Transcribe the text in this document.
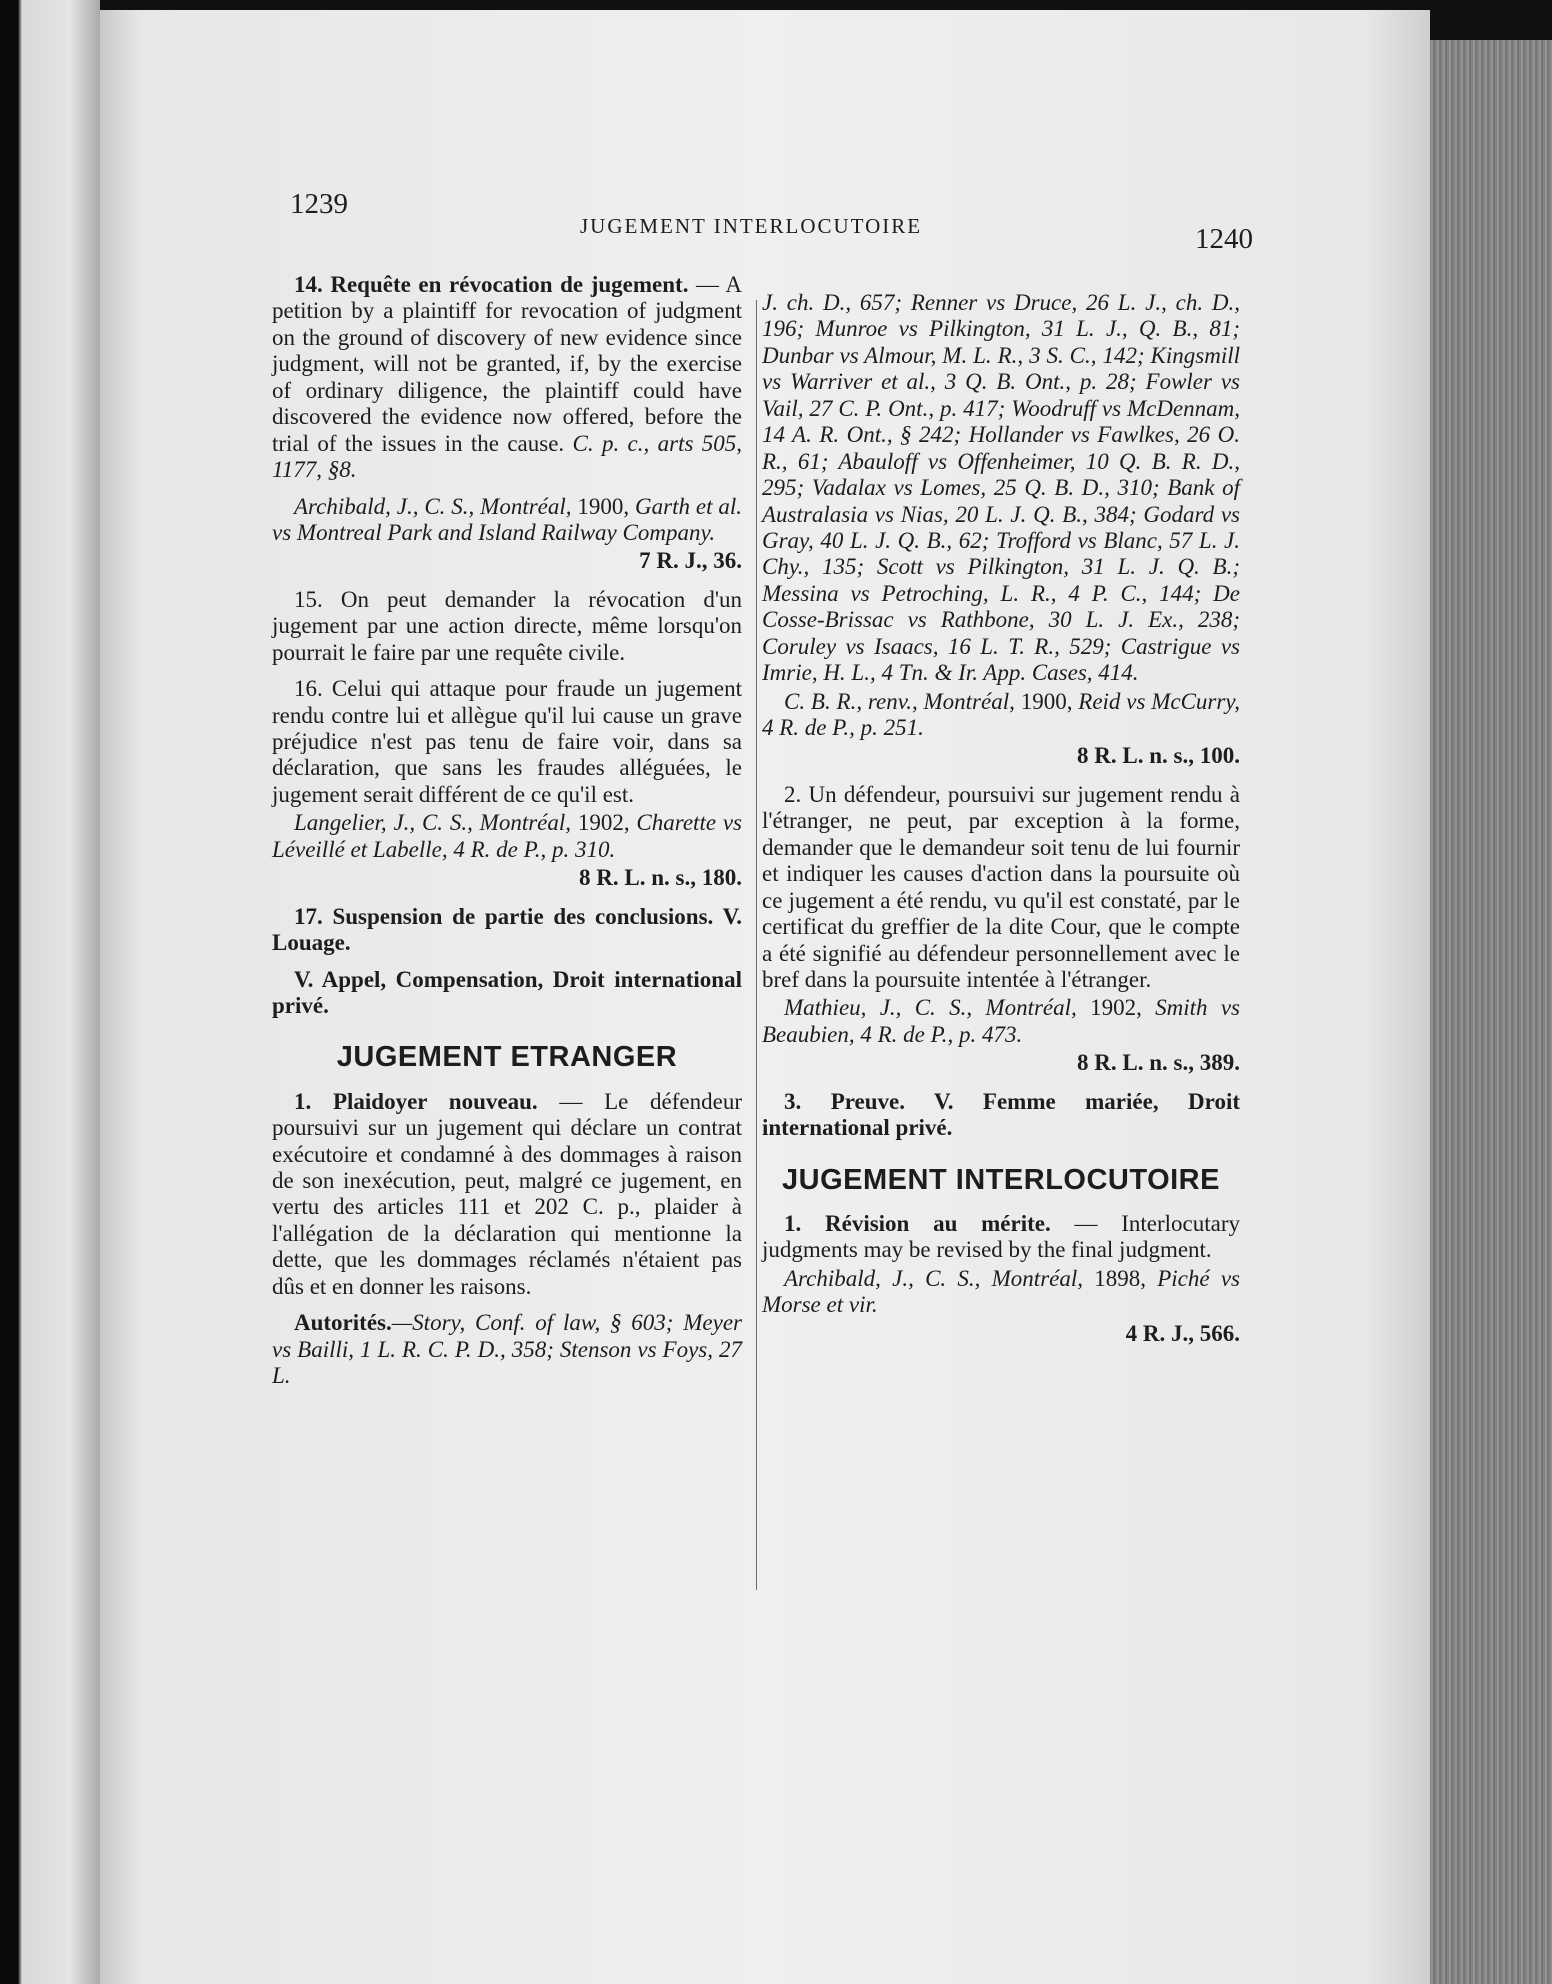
1239
JUGEMENT INTERLOCUTOIRE	1240

14. Requête en révocation de jugement. — A petition by a plaintiff for revocation of judgment on the ground of discovery of new evidence since judgment, will not be granted, if, by the exercise of ordinary diligence, the plaintiff could have discovered the evidence now offered, before the trial of the issues in the cause. C. p. c., arts 505, 1177, §8.

Archibald, J., C. S., Montréal, 1900, Garth et al. vs Montreal Park and Island Railway Company.

7 R. J., 36.

15. On peut demander la révocation d'un jugement par une action directe, même lorsqu'on pourrait le faire par une requête civile.

16. Celui qui attaque pour fraude un jugement rendu contre lui et allègue qu'il lui cause un grave préjudice n'est pas tenu de faire voir, dans sa déclaration, que sans les fraudes alléguées, le jugement serait différent de ce qu'il est.

Langelier, J., C. S., Montréal, 1902, Charette vs Léveillé et Labelle, 4 R. de P., p. 310.

8 R. L. n. s., 180.

17. Suspension de partie des conclusions. V. Louage.

V. Appel, Compensation, Droit international privé.

JUGEMENT ETRANGER

1. Plaidoyer nouveau. — Le défendeur poursuivi sur un jugement qui déclare un contrat exécutoire et condamné à des dommages à raison de son inexécution, peut, malgré ce jugement, en vertu des articles 111 et 202 C. p., plaider à l'allégation de la déclaration qui mentionne la dette, que les dommages réclamés n'étaient pas dûs et en donner les raisons.

Autorités.—Story, Conf. of law, § 603; Meyer vs Bailli, 1 L. R. C. P. D., 358; Stenson vs Foys, 27 L.

J. ch. D., 657; Renner vs Druce, 26 L. J., ch. D., 196; Munroe vs Pilkington, 31 L. J., Q. B., 81; Dunbar vs Almour, M. L. R., 3 S. C., 142; Kingsmill vs Warriver et al., 3 Q. B. Ont., p. 28; Fowler vs Vail, 27 C. P. Ont., p. 417; Woodruff vs McDennam, 14 A. R. Ont., § 242; Hollander vs Fawlkes, 26 O. R., 61; Abauloff vs Offenheimer, 10 Q. B. R. D., 295; Vadalax vs Lomes, 25 Q. B. D., 310; Bank of Australasia vs Nias, 20 L. J. Q. B., 384; Godard vs Gray, 40 L. J. Q. B., 62; Trofford vs Blanc, 57 L. J. Chy., 135; Scott vs Pilkington, 31 L. J. Q. B.; Messina vs Petroching, L. R., 4 P. C., 144; De Cosse-Brissac vs Rathbone, 30 L. J. Ex., 238; Coruley vs Isaacs, 16 L. T. R., 529; Castrigue vs Imrie, H. L., 4 Tn. & Ir. App. Cases, 414.

C. B. R., renv., Montréal, 1900, Reid vs McCurry, 4 R. de P., p. 251.

8 R. L. n. s., 100.

2. Un défendeur, poursuivi sur jugement rendu à l'étranger, ne peut, par exception à la forme, demander que le demandeur soit tenu de lui fournir et indiquer les causes d'action dans la poursuite où ce jugement a été rendu, vu qu'il est constaté, par le certificat du greffier de la dite Cour, que le compte a été signifié au défendeur personnellement avec le bref dans la poursuite intentée à l'étranger.

Mathieu, J., C. S., Montréal, 1902, Smith vs Beaubien, 4 R. de P., p. 473.

8 R. L. n. s., 389.

3. Preuve. V. Femme mariée, Droit international privé.

JUGEMENT INTERLOCUTOIRE

1. Révision au mérite. — Interlocutary judgments may be revised by the final judgment.

Archibald, J., C. S., Montréal, 1898, Piché vs Morse et vir.

4 R. J., 566.
